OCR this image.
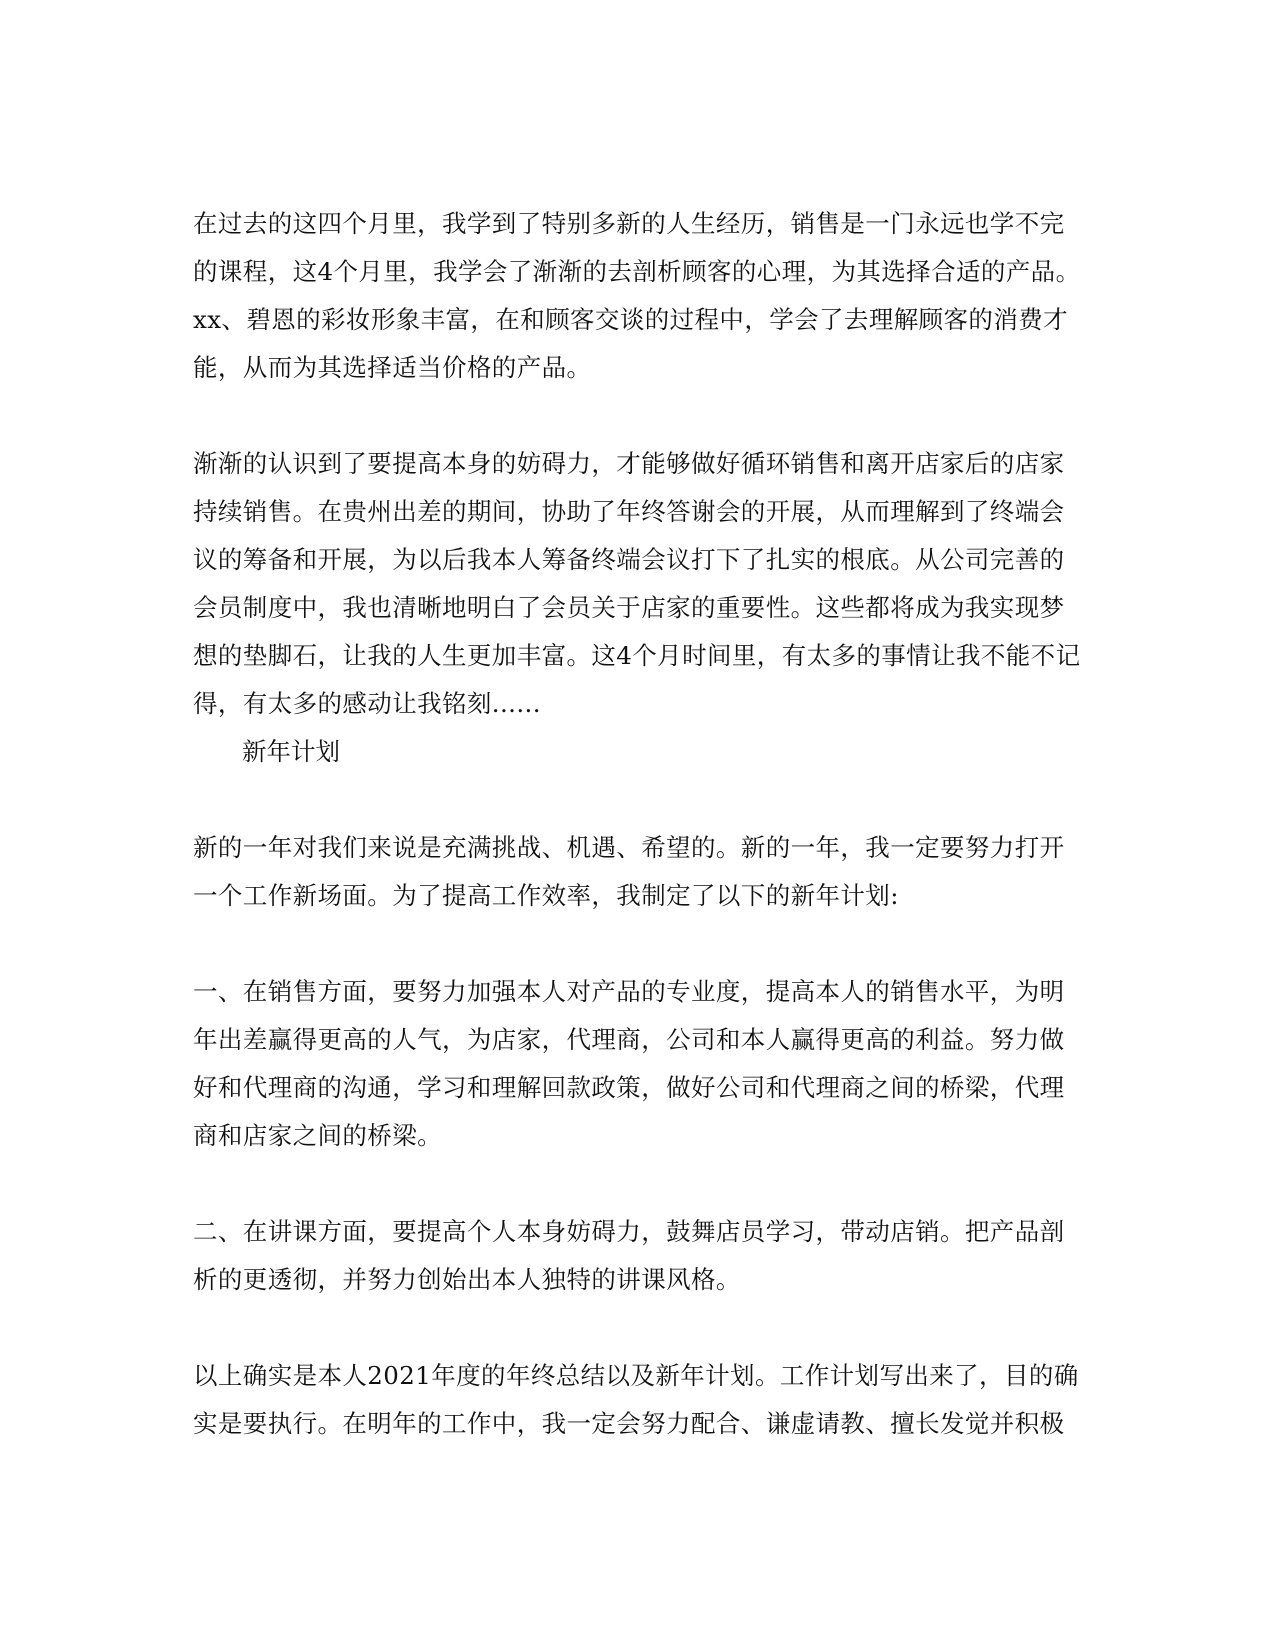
在过去的这四个月里，我学到了特别多新的人生经历，销售是一门永远也学不完的课程，这4个月里，我学会了渐渐的去剖析顾客的心理，为其选择合适的产品。xx、碧恩的彩妆形象丰富，在和顾客交谈的过程中，学会了去理解顾客的消费才能，从而为其选择适当价格的产品。

渐渐的认识到了要提高本身的妨碍力，才能够做好循环销售和离开店家后的店家持续销售。在贵州出差的期间，协助了年终答谢会的开展，从而理解到了终端会议的筹备和开展，为以后我本人筹备终端会议打下了扎实的根底。从公司完善的会员制度中，我也清晰地明白了会员关于店家的重要性。这些都将成为我实现梦想的垫脚石，让我的人生更加丰富。这4个月时间里，有太多的事情让我不能不记得，有太多的感动让我铭刻......

新年计划

新的一年对我们来说是充满挑战、机遇、希望的。新的一年，我一定要努力打开一个工作新场面。为了提高工作效率，我制定了以下的新年计划:

一、在销售方面，要努力加强本人对产品的专业度，提高本人的销售水平，为明年出差赢得更高的人气，为店家，代理商，公司和本人赢得更高的利益。努力做好和代理商的沟通，学习和理解回款政策，做好公司和代理商之间的桥梁，代理商和店家之间的桥梁。

二、在讲课方面，要提高个人本身妨碍力，鼓舞店员学习，带动店销。把产品剖析的更透彻，并努力创始出本人独特的讲课风格。

以上确实是本人2021年度的年终总结以及新年计划。工作计划写出来了，目的确实是要执行。在明年的工作中，我一定会努力配合、谦虚请教、擅长发觉并积极
